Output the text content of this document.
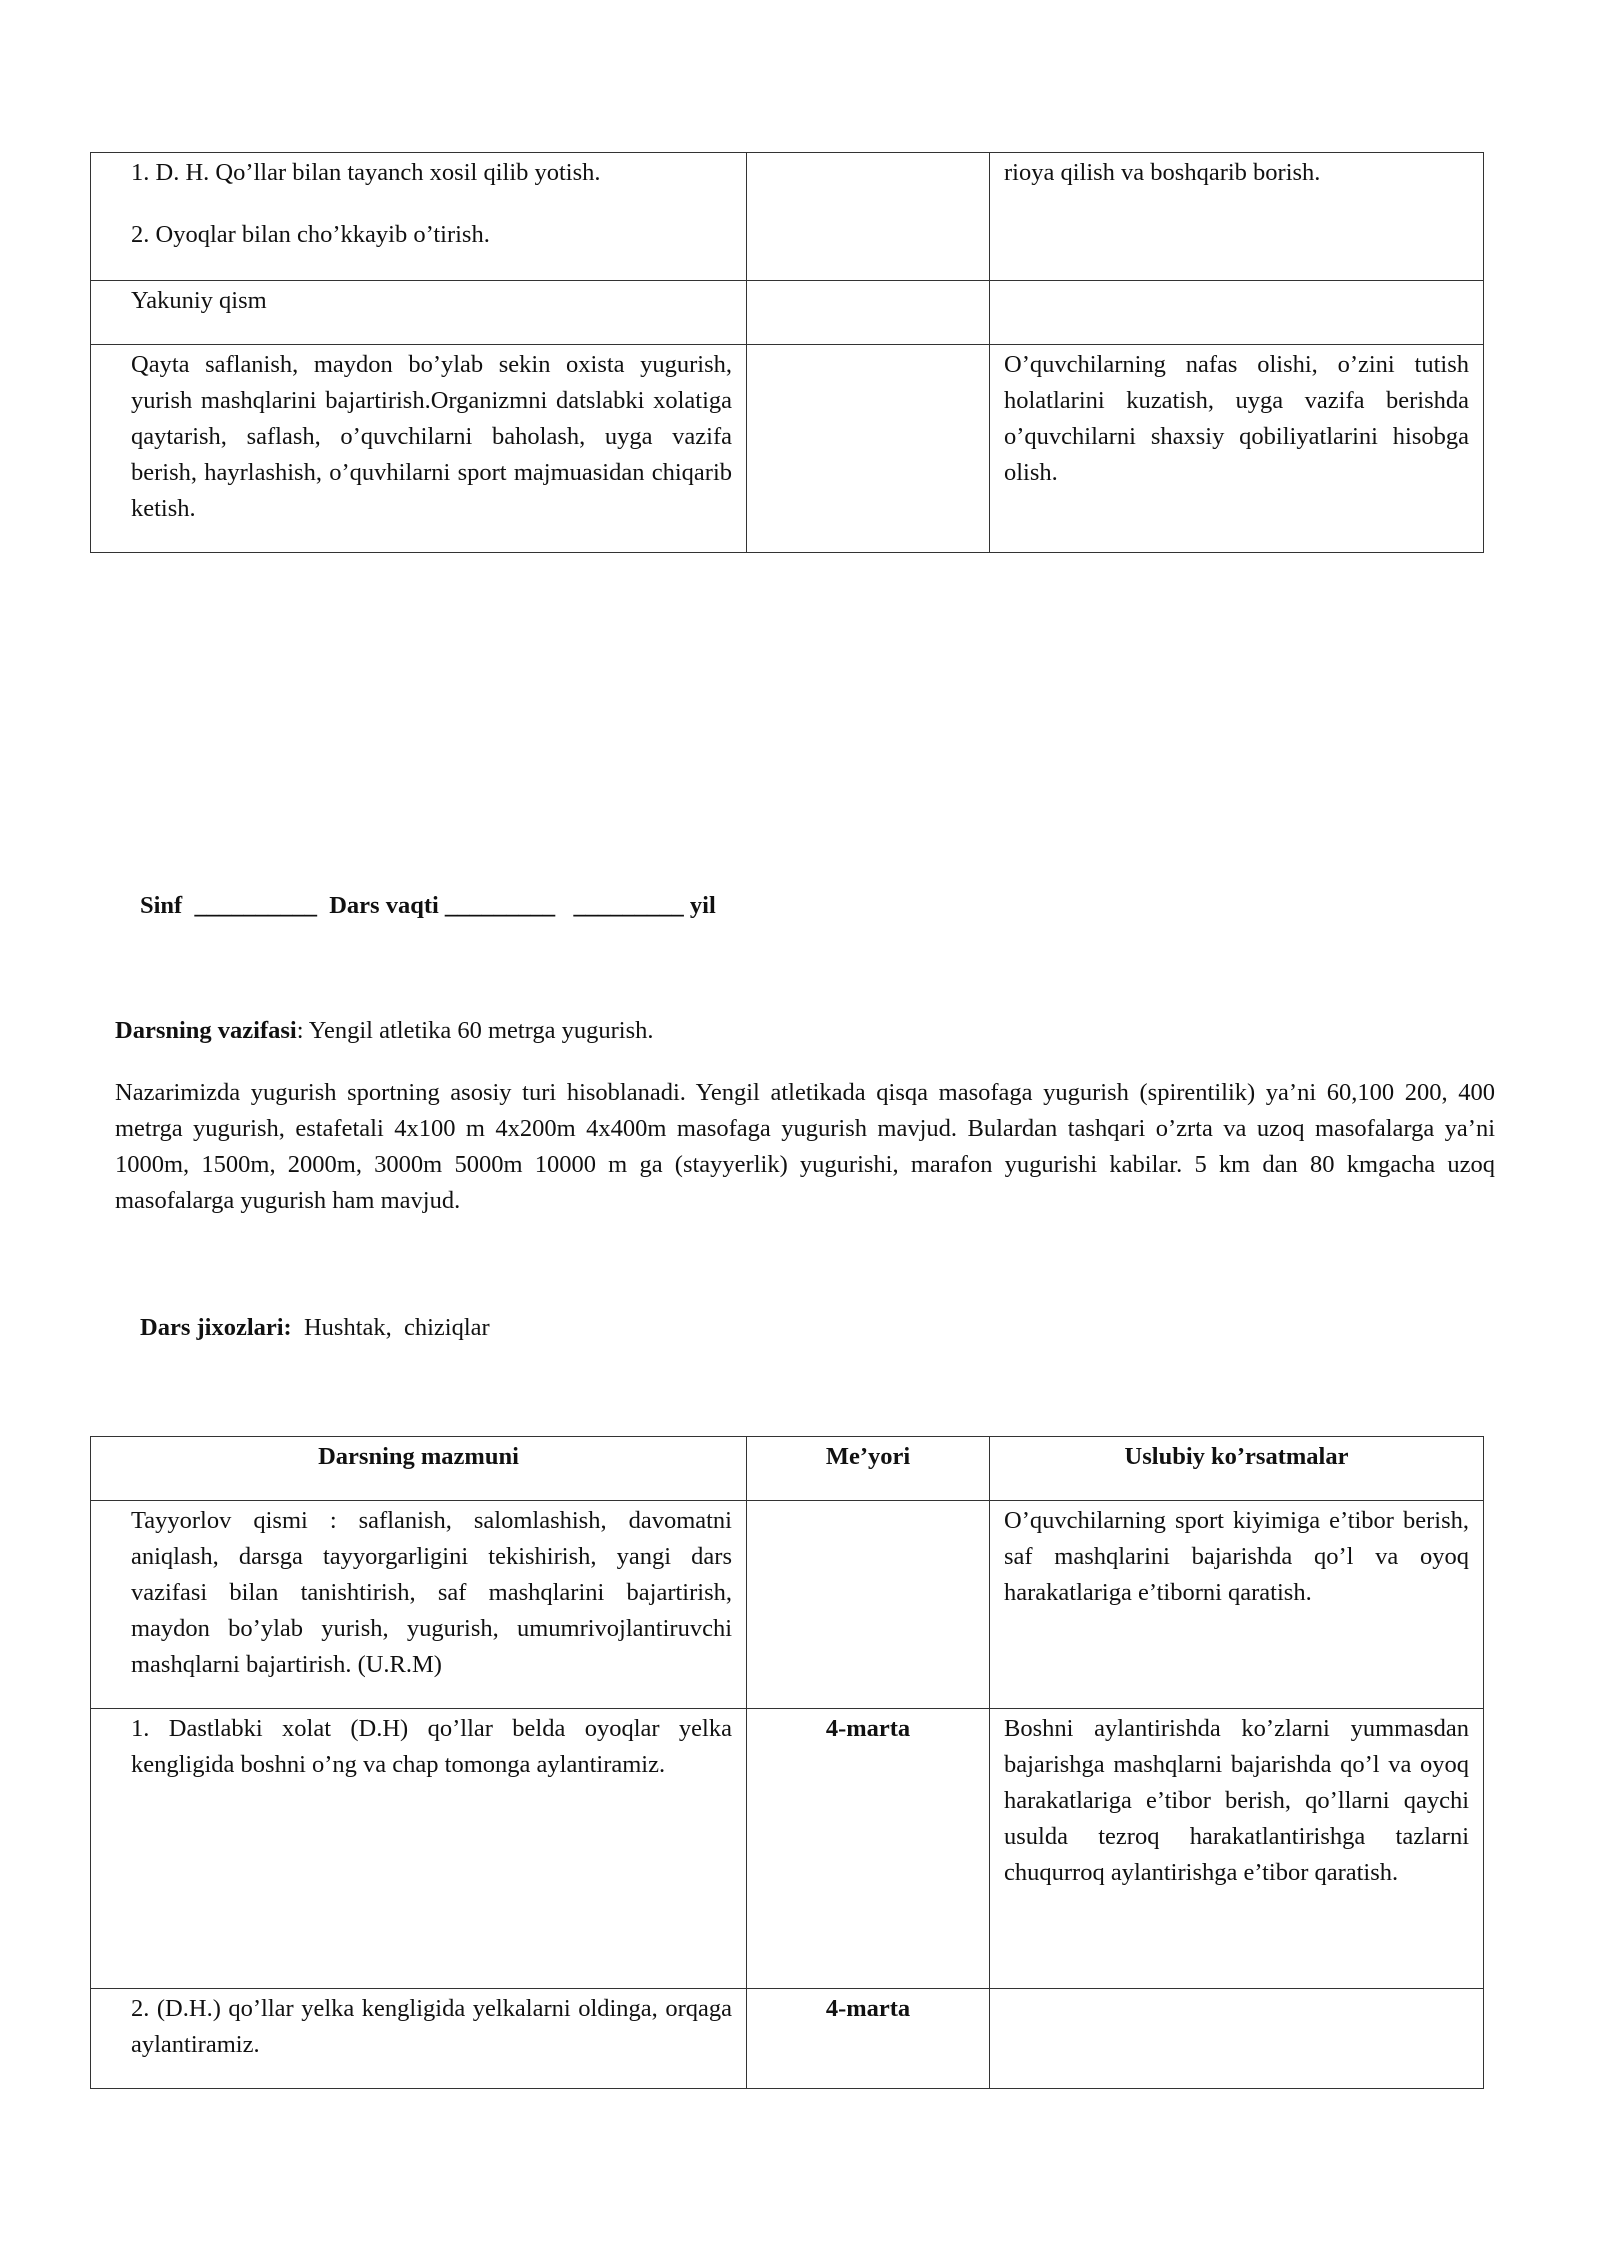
1. D. H. Qo’llar bilan tayanch xosil qilib yotish.

2. Oyoqlar bilan cho’kkayib o’tirish.		rioya qilish va boshqarib borish.
Yakuniy qism		
Qayta saflanish, maydon bo’ylab sekin oxista yugurish, yurish mashqlarini bajartirish.Organizmni datslabki xolatiga qaytarish, saflash, o’quvchilarni baholash, uyga vazifa berish, hayrlashish, o’quvhilarni sport majmuasidan chiqarib ketish.		O’quvchilarning nafas olishi, o’zini tutish holatlarini kuzatish, uyga vazifa berishda o’quvchilarni shaxsiy qobiliyatlarini hisobga olish.
Sinf __________ Dars vaqti _________ _________ yil
Darsning vazifasi: Yengil atletika 60 metrga yugurish.
Nazarimizda yugurish sportning asosiy turi hisoblanadi. Yengil atletikada qisqa masofaga yugurish (spirentilik) ya’ni 60,100 200, 400 metrga yugurish, estafetali 4x100 m 4x200m 4x400m masofaga yugurish mavjud. Bulardan tashqari o’zrta va uzoq masofalarga ya’ni 1000m, 1500m, 2000m, 3000m 5000m 10000 m ga (stayyerlik) yugurishi, marafon yugurishi kabilar. 5 km dan 80 kmgacha uzoq masofalarga yugurish ham mavjud.
Dars jixozlari:  Hushtak,  chiziqlar
Darsning mazmuni	Me’yori	Uslubiy ko’rsatmalar
Tayyorlov qismi : saflanish, salomlashish, davomatni aniqlash, darsga tayyorgarligini tekishirish, yangi dars vazifasi bilan tanishtirish, saf mashqlarini bajartirish, maydon bo’ylab yurish, yugurish, umumrivojlantiruvchi mashqlarni bajartirish. (U.R.M)		O’quvchilarning sport kiyimiga e’tibor berish, saf mashqlarini bajarishda qo’l va oyoq harakatlariga e’tiborni qaratish.
1. Dastlabki xolat (D.H) qo’llar belda oyoqlar yelka kengligida boshni o’ng va chap tomonga aylantiramiz.	4-marta	Boshni aylantirishda ko’zlarni yummasdan bajarishga mashqlarni bajarishda qo’l va oyoq harakatlariga e’tibor berish, qo’llarni qaychi usulda tezroq harakatlantirishga tazlarni chuqurroq aylantirishga e’tibor qaratish.
2. (D.H.) qo’llar yelka kengligida yelkalarni oldinga, orqaga aylantiramiz.	4-marta	
